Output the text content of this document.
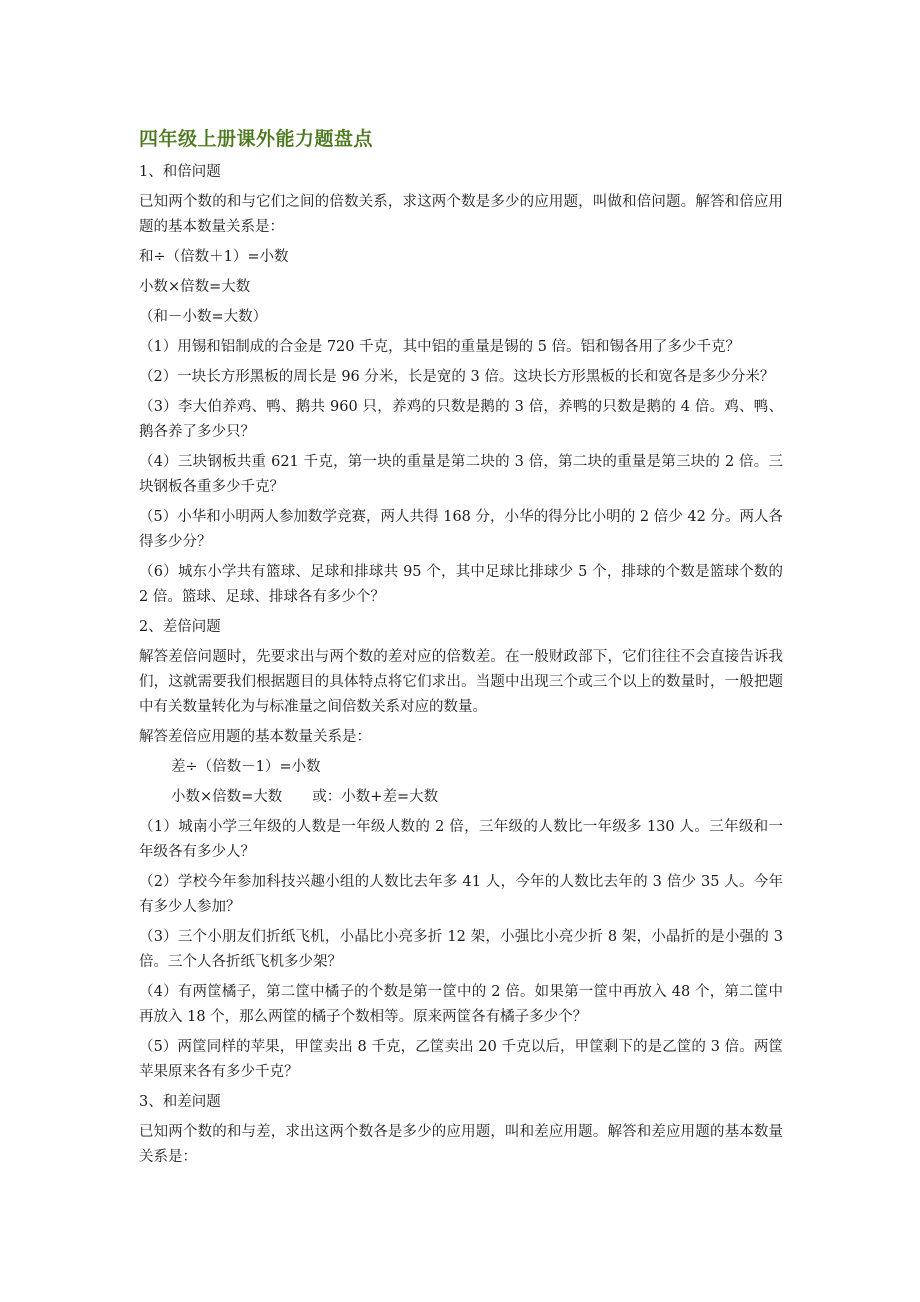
四年级上册课外能力题盘点
1、和倍问题
已知两个数的和与它们之间的倍数关系，求这两个数是多少的应用题，叫做和倍问题。解答和倍应用题的基本数量关系是：
和÷（倍数＋1）=小数
小数×倍数=大数
（和－小数=大数）
（1）用锡和铝制成的合金是 720 千克，其中铝的重量是锡的 5 倍。铝和锡各用了多少千克？
（2）一块长方形黑板的周长是 96 分米，长是宽的 3 倍。这块长方形黑板的长和宽各是多少分米？
（3）李大伯养鸡、鸭、鹅共 960 只，养鸡的只数是鹅的 3 倍，养鸭的只数是鹅的 4 倍。鸡、鸭、鹅各养了多少只？
（4）三块钢板共重 621 千克，第一块的重量是第二块的 3 倍，第二块的重量是第三块的 2 倍。三块钢板各重多少千克？
（5）小华和小明两人参加数学竞赛，两人共得 168 分，小华的得分比小明的 2 倍少 42 分。两人各得多少分？
（6）城东小学共有篮球、足球和排球共 95 个，其中足球比排球少 5 个，排球的个数是篮球个数的 2 倍。篮球、足球、排球各有多少个？
2、差倍问题
解答差倍问题时，先要求出与两个数的差对应的倍数差。在一般财政部下，它们往往不会直接告诉我们，这就需要我们根据题目的具体特点将它们求出。当题中出现三个或三个以上的数量时，一般把题中有关数量转化为与标准量之间倍数关系对应的数量。
解答差倍应用题的基本数量关系是：
差÷（倍数－1）=小数
小数×倍数=大数 或：小数+差=大数
（1）城南小学三年级的人数是一年级人数的 2 倍，三年级的人数比一年级多 130 人。三年级和一年级各有多少人？
（2）学校今年参加科技兴趣小组的人数比去年多 41 人，今年的人数比去年的 3 倍少 35 人。今年有多少人参加？
（3）三个小朋友们折纸飞机，小晶比小亮多折 12 架，小强比小亮少折 8 架，小晶折的是小强的 3 倍。三个人各折纸飞机多少架？
（4）有两筐橘子，第二筐中橘子的个数是第一筐中的 2 倍。如果第一筐中再放入 48 个，第二筐中再放入 18 个，那么两筐的橘子个数相等。原来两筐各有橘子多少个？
（5）两筐同样的苹果，甲筐卖出 8 千克，乙筐卖出 20 千克以后，甲筐剩下的是乙筐的 3 倍。两筐苹果原来各有多少千克？
3、和差问题
已知两个数的和与差，求出这两个数各是多少的应用题，叫和差应用题。解答和差应用题的基本数量关系是：
